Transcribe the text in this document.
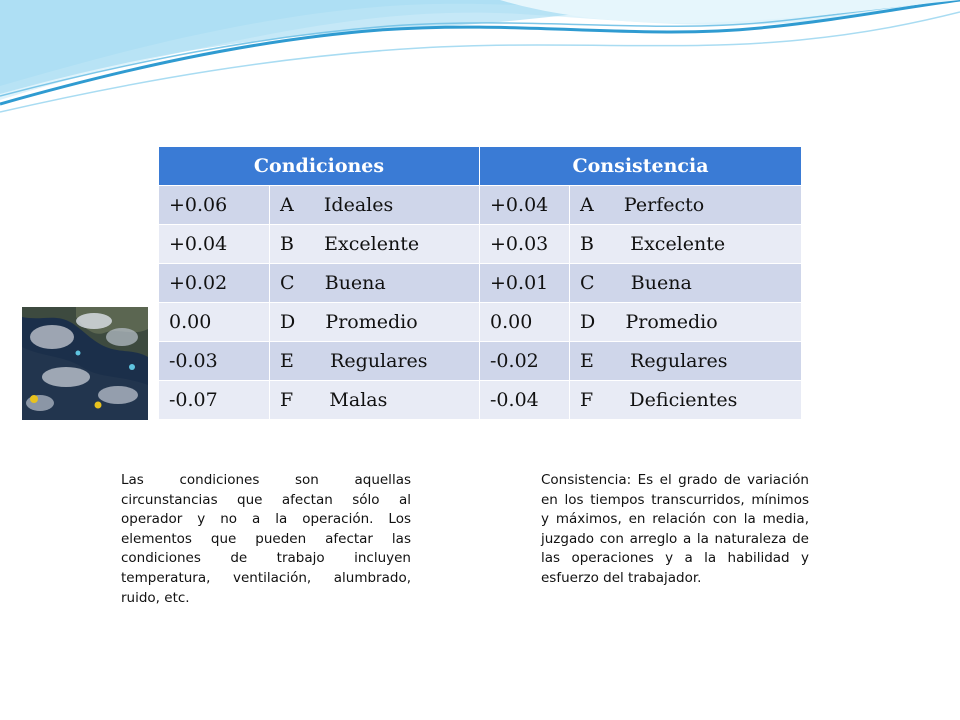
Condiciones		Consistencia	
+0.06	A     Ideales	+0.04	A     Perfecto
+0.04	B     Excelente	+0.03	B      Excelente
+0.02	C     Buena	+0.01	C      Buena
0.00	D     Promedio	0.00	D     Promedio
-0.03	E      Regulares	-0.02	E      Regulares
-0.07	F      Malas	-0.04	F      Deficientes

Las condiciones son aquellas circunstancias que afectan sólo al operador y no a la operación. Los elementos que pueden afectar las condiciones de trabajo incluyen temperatura, ventilación, alumbrado, ruido, etc.

Consistencia: Es el grado de variación en los tiempos transcurridos, mínimos y máximos, en relación con la media, juzgado con arreglo a la naturaleza de las operaciones y a la habilidad y esfuerzo del trabajador.
